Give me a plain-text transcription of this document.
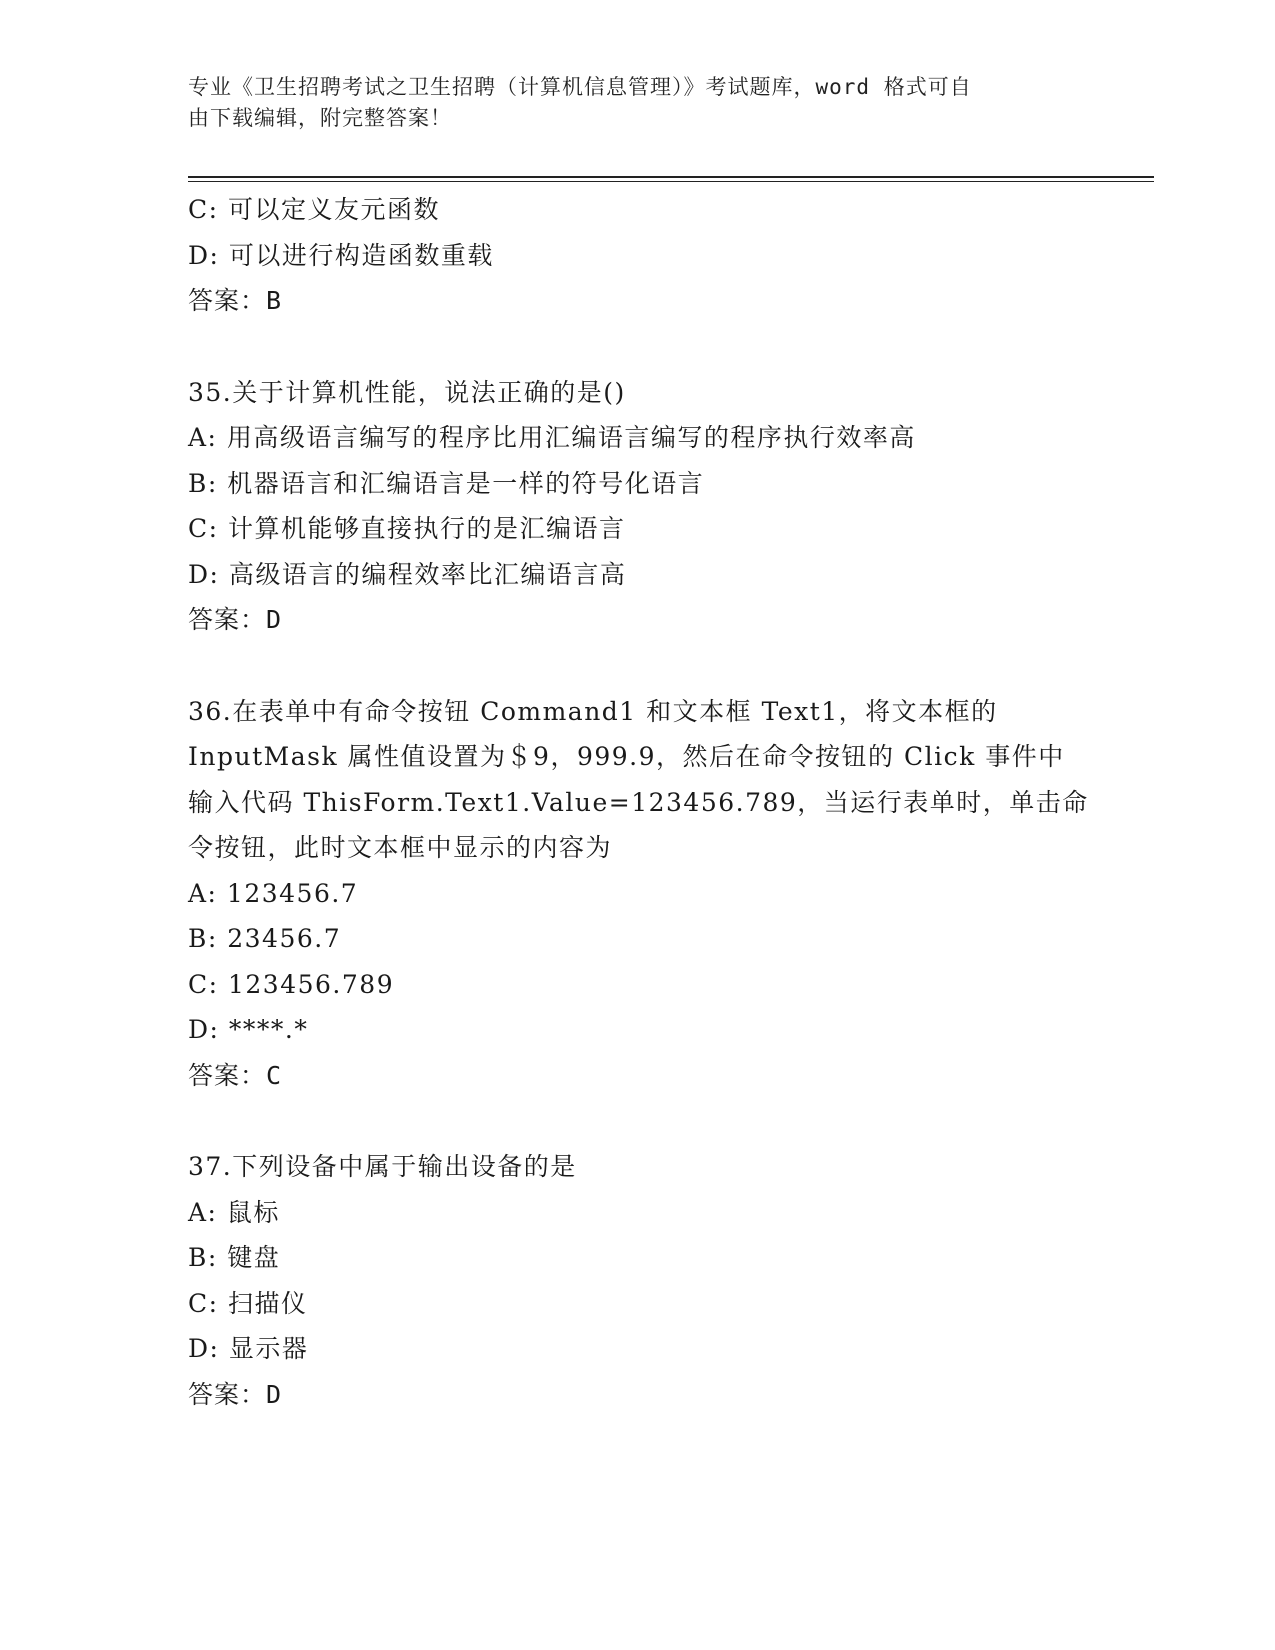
专业《卫生招聘考试之卫生招聘（计算机信息管理）》考试题库，word 格式可自
由下载编辑，附完整答案！
C: 可以定义友元函数
D: 可以进行构造函数重载
答案：B
35.关于计算机性能，说法正确的是()
A: 用高级语言编写的程序比用汇编语言编写的程序执行效率高
B: 机器语言和汇编语言是一样的符号化语言
C: 计算机能够直接执行的是汇编语言
D: 高级语言的编程效率比汇编语言高
答案：D
36.在表单中有命令按钮 Command1 和文本框 Text1，将文本框的
InputMask 属性值设置为＄9，999.9，然后在命令按钮的 Click 事件中
输入代码 ThisForm.Text1.Value=123456.789，当运行表单时，单击命
令按钮，此时文本框中显示的内容为
A: 123456.7
B: 23456.7
C: 123456.789
D: ****.*
答案：C
37.下列设备中属于输出设备的是
A: 鼠标
B: 键盘
C: 扫描仪
D: 显示器
答案：D
